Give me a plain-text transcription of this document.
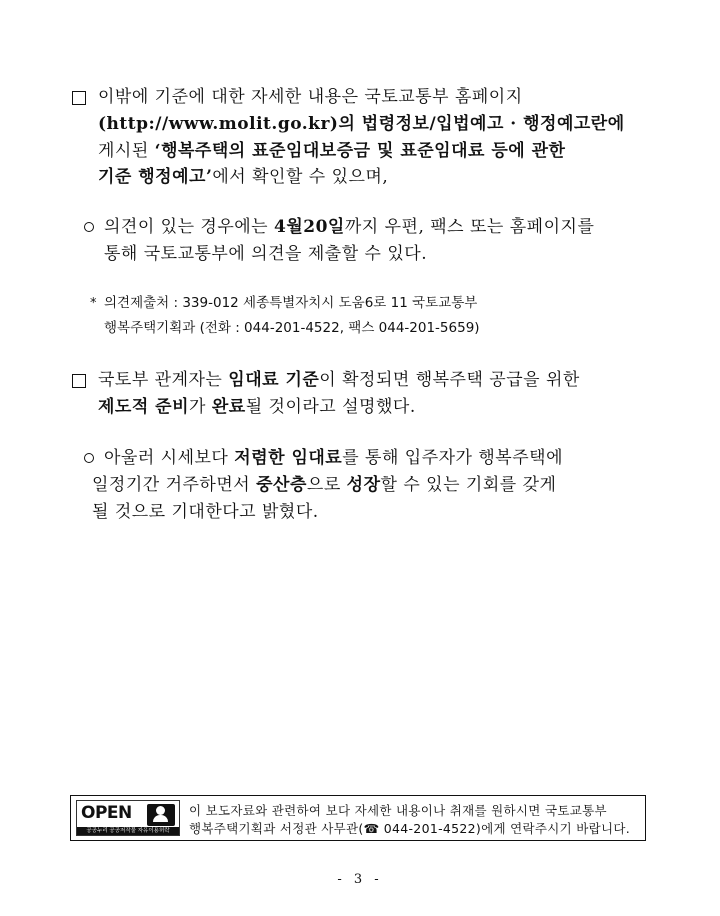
이밖에 기준에 대한 자세한 내용은 국토교통부 홈페이지
(http://www.molit.go.kr)의 법령정보/입법예고 · 행정예고란에
게시된 ‘행복주택의 표준임대보증금 및 표준임대료 등에 관한
기준 행정예고’에서 확인할 수 있으며,
의견이 있는 경우에는 4월20일까지 우편, 팩스 또는 홈페이지를
통해 국토교통부에 의견을 제출할 수 있다.
* 의견제출처 : 339-012 세종특별자치시 도움6로 11 국토교통부
행복주택기획과 (전화 : 044-201-4522, 팩스 044-201-5659)
국토부 관계자는 임대료 기준이 확정되면 행복주택 공급을 위한
제도적 준비가 완료될 것이라고 설명했다.
아울러 시세보다 저렴한 임대료를 통해 입주자가 행복주택에
일정기간 거주하면서 중산층으로 성장할 수 있는 기회를 갖게
될 것으로 기대한다고 밝혔다.
OPEN
공공누리 공공저작물 자유이용허락
이 보도자료와 관련하여 보다 자세한 내용이나 취재를 원하시면 국토교통부
행복주택기획과 서정관 사무관(☎ 044-201-4522)에게 연락주시기 바랍니다.
- 3 -
